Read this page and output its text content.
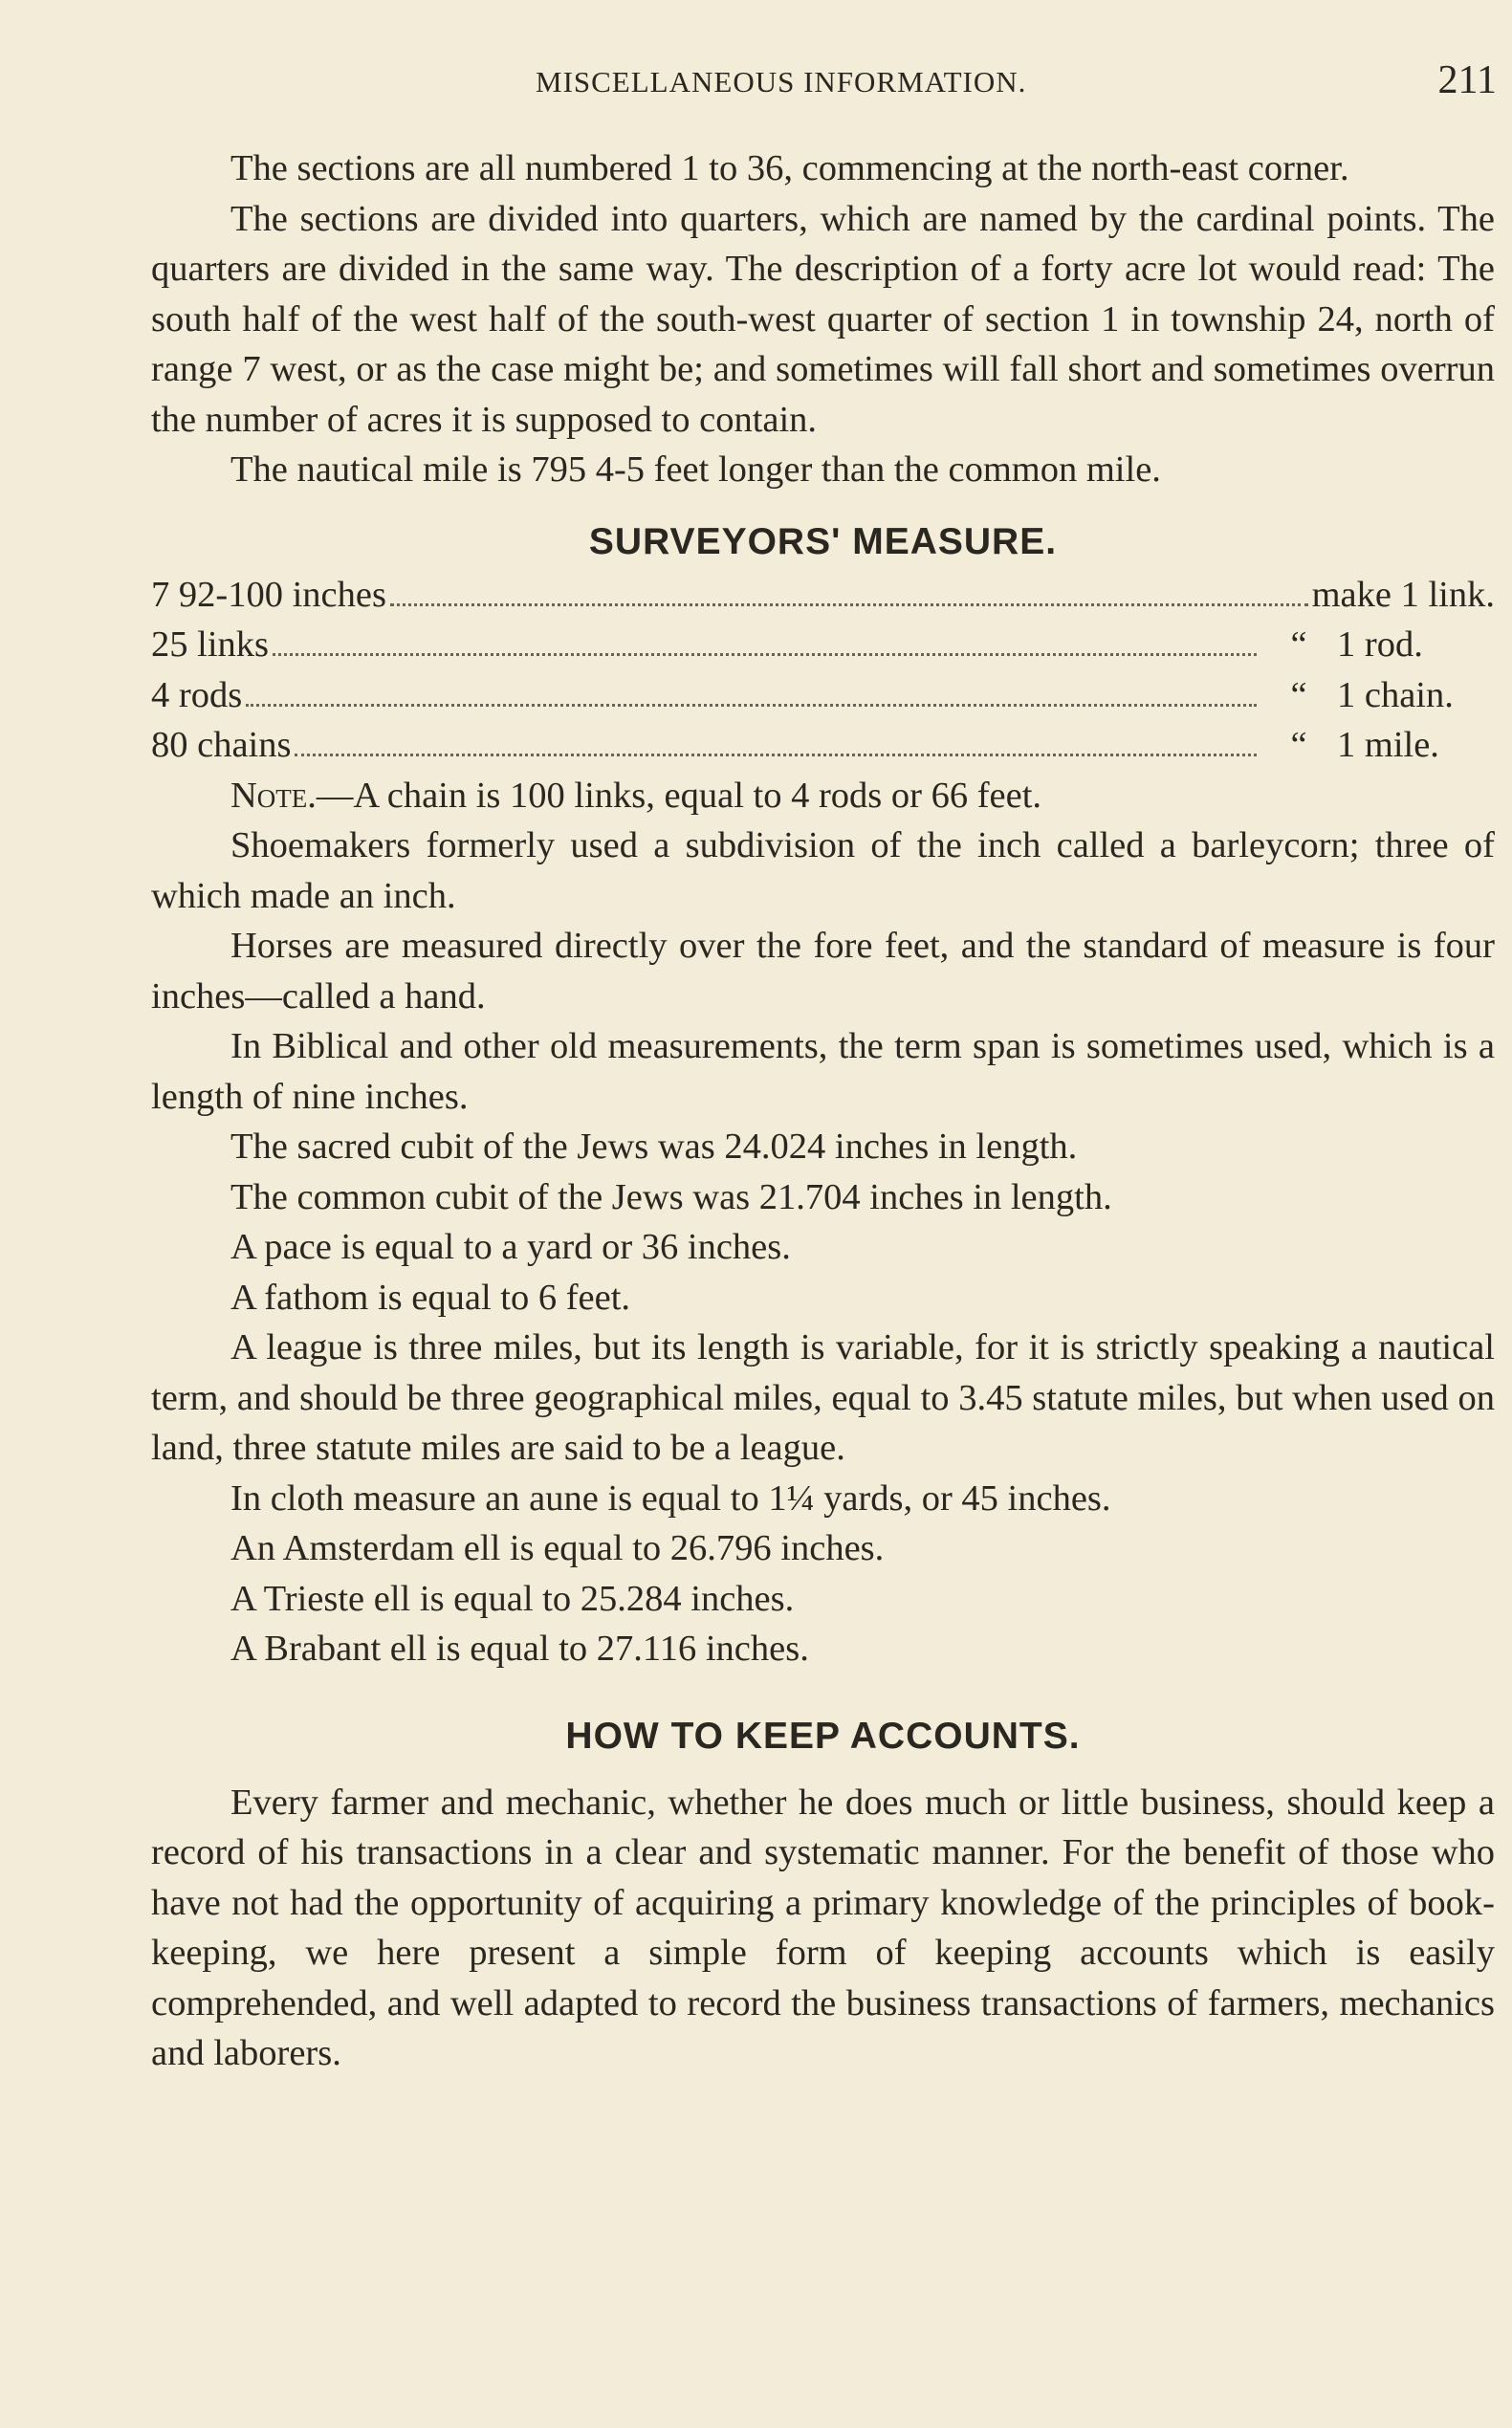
MISCELLANEOUS INFORMATION.	211

The sections are all numbered 1 to 36, commencing at the north-east corner.

The sections are divided into quarters, which are named by the cardinal points. The quarters are divided in the same way. The description of a forty acre lot would read: The south half of the west half of the south-west quarter of section 1 in township 24, north of range 7 west, or as the case might be; and sometimes will fall short and sometimes overrun the number of acres it is supposed to contain.

The nautical mile is 795 4-5 feet longer than the common mile.

SURVEYORS' MEASURE.
7 92-100 inches	make 1 link.
25 links	“ 1 rod.
4 rods	“ 1 chain.
80 chains	“ 1 mile.

Note.—A chain is 100 links, equal to 4 rods or 66 feet.

Shoemakers formerly used a subdivision of the inch called a barleycorn; three of which made an inch.

Horses are measured directly over the fore feet, and the standard of measure is four inches—called a hand.

In Biblical and other old measurements, the term span is sometimes used, which is a length of nine inches.

The sacred cubit of the Jews was 24.024 inches in length.

The common cubit of the Jews was 21.704 inches in length.

A pace is equal to a yard or 36 inches.

A fathom is equal to 6 feet.

A league is three miles, but its length is variable, for it is strictly speaking a nautical term, and should be three geographical miles, equal to 3.45 statute miles, but when used on land, three statute miles are said to be a league.

In cloth measure an aune is equal to 1¼ yards, or 45 inches.

An Amsterdam ell is equal to 26.796 inches.

A Trieste ell is equal to 25.284 inches.

A Brabant ell is equal to 27.116 inches.

HOW TO KEEP ACCOUNTS.

Every farmer and mechanic, whether he does much or little business, should keep a record of his transactions in a clear and systematic manner. For the benefit of those who have not had the opportunity of acquiring a primary knowledge of the principles of book-keeping, we here present a simple form of keeping accounts which is easily comprehended, and well adapted to record the business transactions of farmers, mechanics and laborers.
